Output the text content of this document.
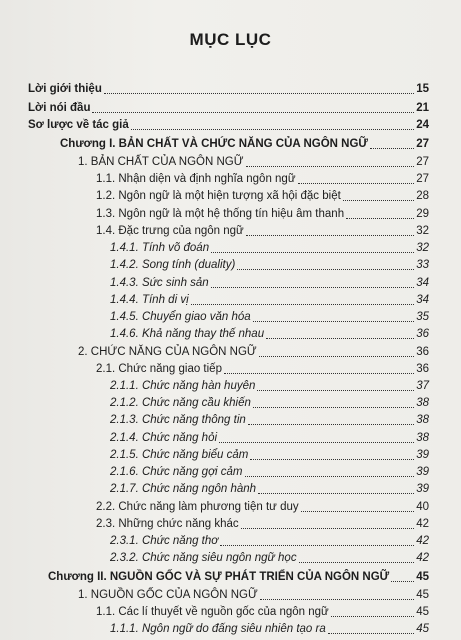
MỤC LỤC
Lời giới thiệu	15
Lời nói đầu	21
Sơ lược về tác giả	24
Chương I. BẢN CHẤT VÀ CHỨC NĂNG CỦA NGÔN NGỮ	27
1. BẢN CHẤT CỦA NGÔN NGỮ	27
1.1. Nhận diện và định nghĩa ngôn ngữ	27
1.2. Ngôn ngữ là một hiện tượng xã hội đặc biệt	28
1.3. Ngôn ngữ là một hệ thống tín hiệu âm thanh	29
1.4. Đặc trưng của ngôn ngữ	32
1.4.1. Tính võ đoán	32
1.4.2. Song tính (duality)	33
1.4.3. Sức sinh sản	34
1.4.4. Tính di vị	34
1.4.5. Chuyển giao văn hóa	35
1.4.6. Khả năng thay thế nhau	36
2. CHỨC NĂNG CỦA NGÔN NGỮ	36
2.1. Chức năng giao tiếp	36
2.1.1. Chức năng hàn huyên	37
2.1.2. Chức năng cầu khiến	38
2.1.3. Chức năng thông tin	38
2.1.4. Chức năng hỏi	38
2.1.5. Chức năng biểu cảm	39
2.1.6. Chức năng gợi cảm	39
2.1.7. Chức năng ngôn hành	39
2.2. Chức năng làm phương tiện tư duy	40
2.3. Những chức năng khác	42
2.3.1. Chức năng thơ	42
2.3.2. Chức năng siêu ngôn ngữ học	42
Chương II. NGUỒN GỐC VÀ SỰ PHÁT TRIỂN CỦA NGÔN NGỮ 45
1. NGUỒN GỐC CỦA NGÔN NGỮ	45
1.1. Các lí thuyết về nguồn gốc của ngôn ngữ	45
1.1.1. Ngôn ngữ do đấng siêu nhiên tạo ra	45
